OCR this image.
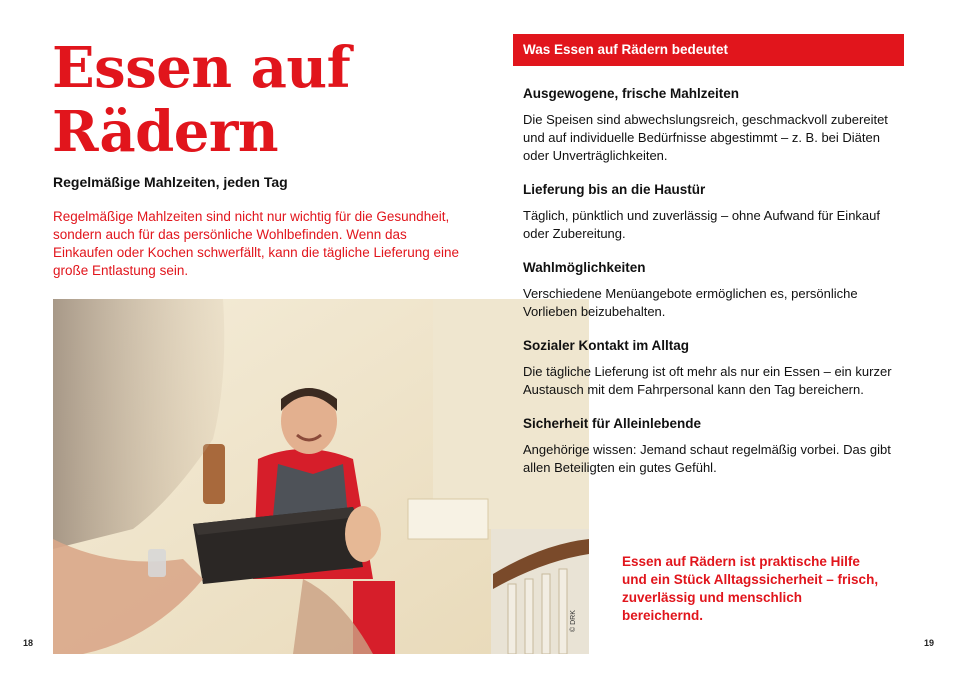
Essen auf
Rädern
Regelmäßige Mahlzeiten, jeden Tag
Regelmäßige Mahlzeiten sind nicht nur wichtig für die Gesundheit, sondern auch für das persönliche Wohlbefinden. Wenn das Einkaufen oder Kochen schwerfällt, kann die tägliche Lieferung eine große Entlastung sein.
© DRK
18
Was Essen auf Rädern bedeutet
Ausgewogene, frische Mahlzeiten

Die Speisen sind abwechslungsreich, geschmackvoll zubereitet und auf individuelle Bedürfnisse abgestimmt – z. B. bei Diäten oder Unverträglichkeiten.

Lieferung bis an die Haustür

Täglich, pünktlich und zuverlässig – ohne Aufwand für Einkauf oder Zubereitung.

Wahlmöglichkeiten

Verschiedene Menüangebote ermöglichen es, persönliche Vorlieben beizubehalten.

Sozialer Kontakt im Alltag

Die tägliche Lieferung ist oft mehr als nur ein Essen – ein kurzer Austausch mit dem Fahrpersonal kann den Tag bereichern.

Sicherheit für Alleinlebende

Angehörige wissen: Jemand schaut regelmäßig vorbei. Das gibt allen Beteiligten ein gutes Gefühl.

Essen auf Rädern ist praktische Hilfe und ein Stück Alltagssicherheit – frisch, zuverlässig und menschlich bereichernd.
19
